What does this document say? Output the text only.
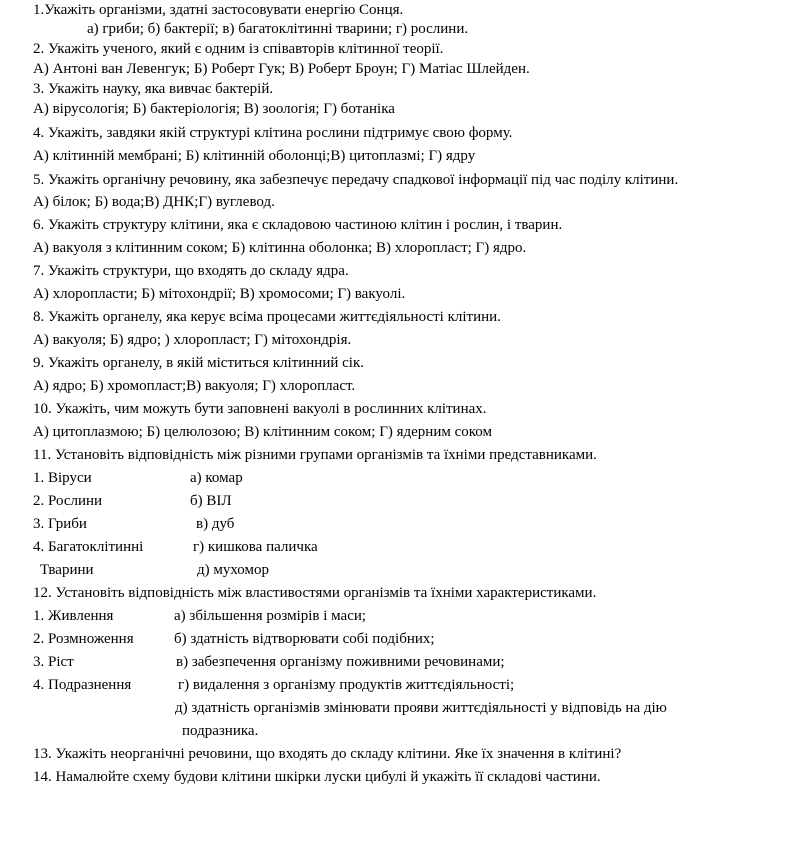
1.Укажіть організми, здатні застосовувати енергію Сонця.
а) гриби; б) бактерії; в) багатоклітинні тварини; г) рослини.
2. Укажіть ученого, який є одним із співавторів клітинної теорії.
А) Антоні ван Левенгук; Б) Роберт Гук; В) Роберт Броун; Г) Матіас Шлейден.
3. Укажіть науку, яка вивчає бактерій.
А) вірусологія; Б) бактеріологія; В) зоологія; Г) ботаніка
4. Укажіть, завдяки якій структурі клітина рослини підтримує свою форму.
А) клітинній мембрані; Б) клітинній оболонці;В) цитоплазмі; Г) ядру
5. Укажіть органічну речовину, яка забезпечує передачу спадкової інформації під час поділу клітини.
А) білок; Б) вода;В) ДНК;Г) вуглевод.
6. Укажіть структуру клітини, яка є складовою частиною клітин і рослин, і тварин.
А) вакуоля з клітинним соком; Б) клітинна оболонка; В) хлоропласт; Г) ядро.
7. Укажіть структури, що входять до складу ядра.
А) хлоропласти; Б) мітохондрії; В) хромосоми; Г) вакуолі.
8. Укажіть органелу, яка керує всіма процесами життєдіяльності клітини.
А) вакуоля; Б) ядро; ) хлоропласт; Г) мітохондрія.
9. Укажіть органелу, в якій міститься клітинний сік.
А) ядро; Б) хромопласт;В) вакуоля; Г) хлоропласт.
10. Укажіть, чим можуть бути заповнені вакуолі в рослинних клітинах.
А) цитоплазмою; Б) целюлозою; В) клітинним соком; Г) ядерним соком
11. Установіть відповідність між різними групами організмів та їхніми представниками.
1. Віруси	а) комар
2. Рослини	б) ВІЛ
3. Гриби	в) дуб
4. Багатоклітинні	г) кишкова паличка
Тварини	д) мухомор
12. Установіть відповідність між властивостями організмів та їхніми характеристиками.
1. Живлення	а) збільшення розмірів і маси;
2. Розмноження	б) здатність відтворювати собі подібних;
3. Ріст	в) забезпечення організму поживними речовинами;
4. Подразнення	г) видалення з організму продуктів життєдіяльності;
д) здатність організмів змінювати прояви життєдіяльності у відповідь на дію
подразника.
13. Укажіть неорганічні речовини, що входять до складу клітини. Яке їх значення в клітині?
14. Намалюйте схему будови клітини шкірки луски цибулі й укажіть її складові частини.
